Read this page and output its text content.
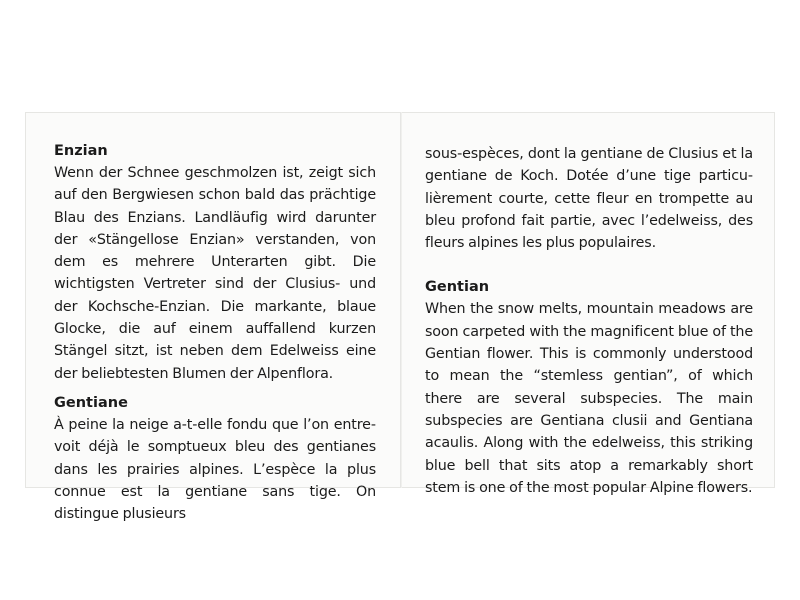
Enzian

Wenn der Schnee geschmolzen ist, zeigt sich auf den Bergwiesen schon bald das prächtige Blau des Enzians. Landläufig wird darunter der «Stängellose Enzian» verstanden, von dem es mehrere Unterarten gibt. Die wichtigsten Vertreter sind der Clusius- und der Kochsche-Enzian. Die markante, blaue Glocke, die auf einem auffallend kurzen Stängel sitzt, ist neben dem Edelweiss eine der beliebtesten Blumen der Alpenflora.

Gentiane

À peine la neige a-t-elle fondu que l’on entrevoit déjà le somptueux bleu des gentianes dans les prairies alpines. L’espèce la plus connue est la gentiane sans tige. On distingue plusieurs

sous-espèces, dont la gentiane de Clusius et la gentiane de Koch. Dotée d’une tige particulièrement courte, cette fleur en trompette au bleu profond fait partie, avec l’edelweiss, des fleurs alpines les plus populaires.

Gentian

When the snow melts, mountain meadows are soon carpeted with the magnificent blue of the Gentian flower. This is commonly understood to mean the “stemless gentian”, of which there are several subspecies. The main subspecies are Gentiana clusii and Gentiana acaulis. Along with the edelweiss, this striking blue bell that sits atop a remarkably short stem is one of the most popular Alpine flowers.
